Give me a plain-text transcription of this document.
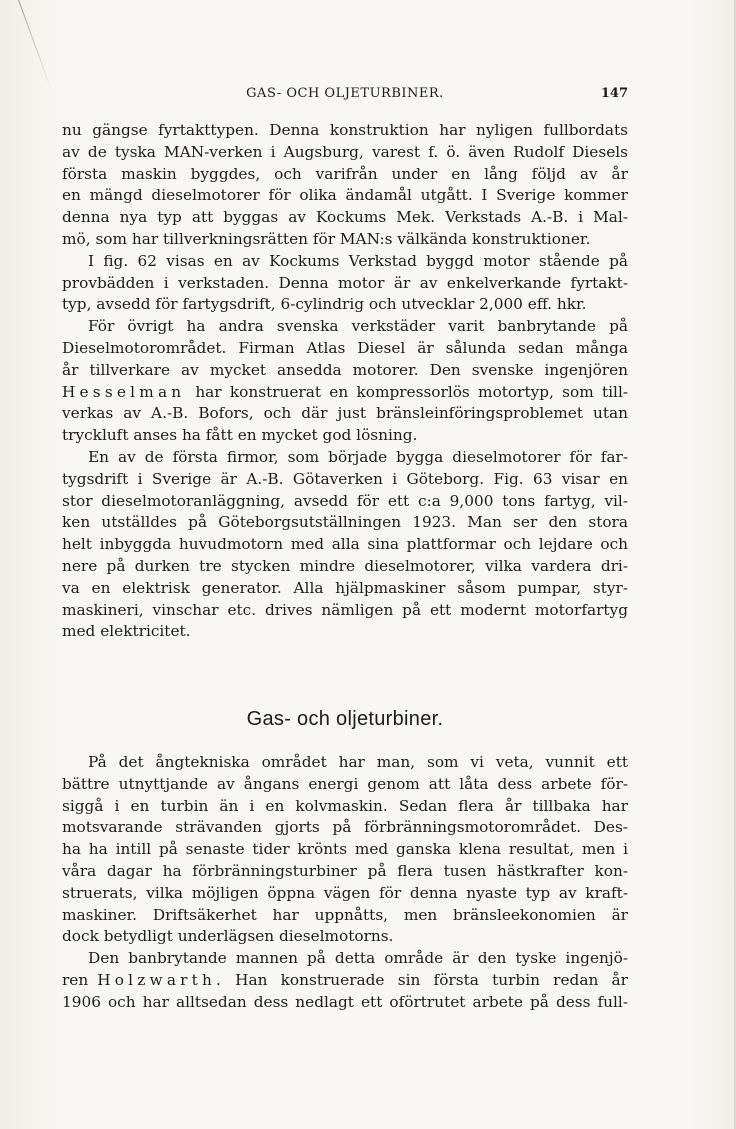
GAS- OCH OLJETURBINER.	147
nu gängse fyrtakttypen. Denna konstruktion har nyligen fullbordats
av de tyska MAN-verken i Augsburg, varest f. ö. även Rudolf Diesels
första maskin byggdes, och varifrån under en lång följd av år
en mängd dieselmotorer för olika ändamål utgått. I Sverige kommer
denna nya typ att byggas av Kockums Mek. Verkstads A.-B. i Mal-
mö, som har tillverkningsrätten för MAN:s välkända konstruktioner.
I fig. 62 visas en av Kockums Verkstad byggd motor stående på
provbädden i verkstaden. Denna motor är av enkelverkande fyrtakt-
typ, avsedd för fartygsdrift, 6-cylindrig och utvecklar 2,000 eff. hkr.
För övrigt ha andra svenska verkstäder varit banbrytande på
Dieselmotorområdet. Firman Atlas Diesel är sålunda sedan många
år tillverkare av mycket ansedda motorer. Den svenske ingenjören
Hesselman har konstruerat en kompressorlös motortyp, som till-
verkas av A.-B. Bofors, och där just bränsleinföringsproblemet utan
tryckluft anses ha fått en mycket god lösning.
En av de första firmor, som började bygga dieselmotorer för far-
tygsdrift i Sverige är A.-B. Götaverken i Göteborg. Fig. 63 visar en
stor dieselmotoranläggning, avsedd för ett c:a 9,000 tons fartyg, vil-
ken utställdes på Göteborgsutställningen 1923. Man ser den stora
helt inbyggda huvudmotorn med alla sina plattformar och lejdare och
nere på durken tre stycken mindre dieselmotorer, vilka vardera dri-
va en elektrisk generator. Alla hjälpmaskiner såsom pumpar, styr-
maskineri, vinschar etc. drives nämligen på ett modernt motorfartyg
med elektricitet.
Gas- och oljeturbiner.
På det ångtekniska området har man, som vi veta, vunnit ett
bättre utnyttjande av ångans energi genom att låta dess arbete för-
siggå i en turbin än i en kolvmaskin. Sedan flera år tillbaka har
motsvarande strävanden gjorts på förbränningsmotorområdet. Des-
ha ha intill på senaste tider krönts med ganska klena resultat, men i
våra dagar ha förbränningsturbiner på flera tusen hästkrafter kon-
struerats, vilka möjligen öppna vägen för denna nyaste typ av kraft-
maskiner. Driftsäkerhet har uppnåtts, men bränsleekonomien är
dock betydligt underlägsen dieselmotorns.
Den banbrytande mannen på detta område är den tyske ingenjö-
ren Holzwarth. Han konstruerade sin första turbin redan år
1906 och har alltsedan dess nedlagt ett oförtrutet arbete på dess full-
